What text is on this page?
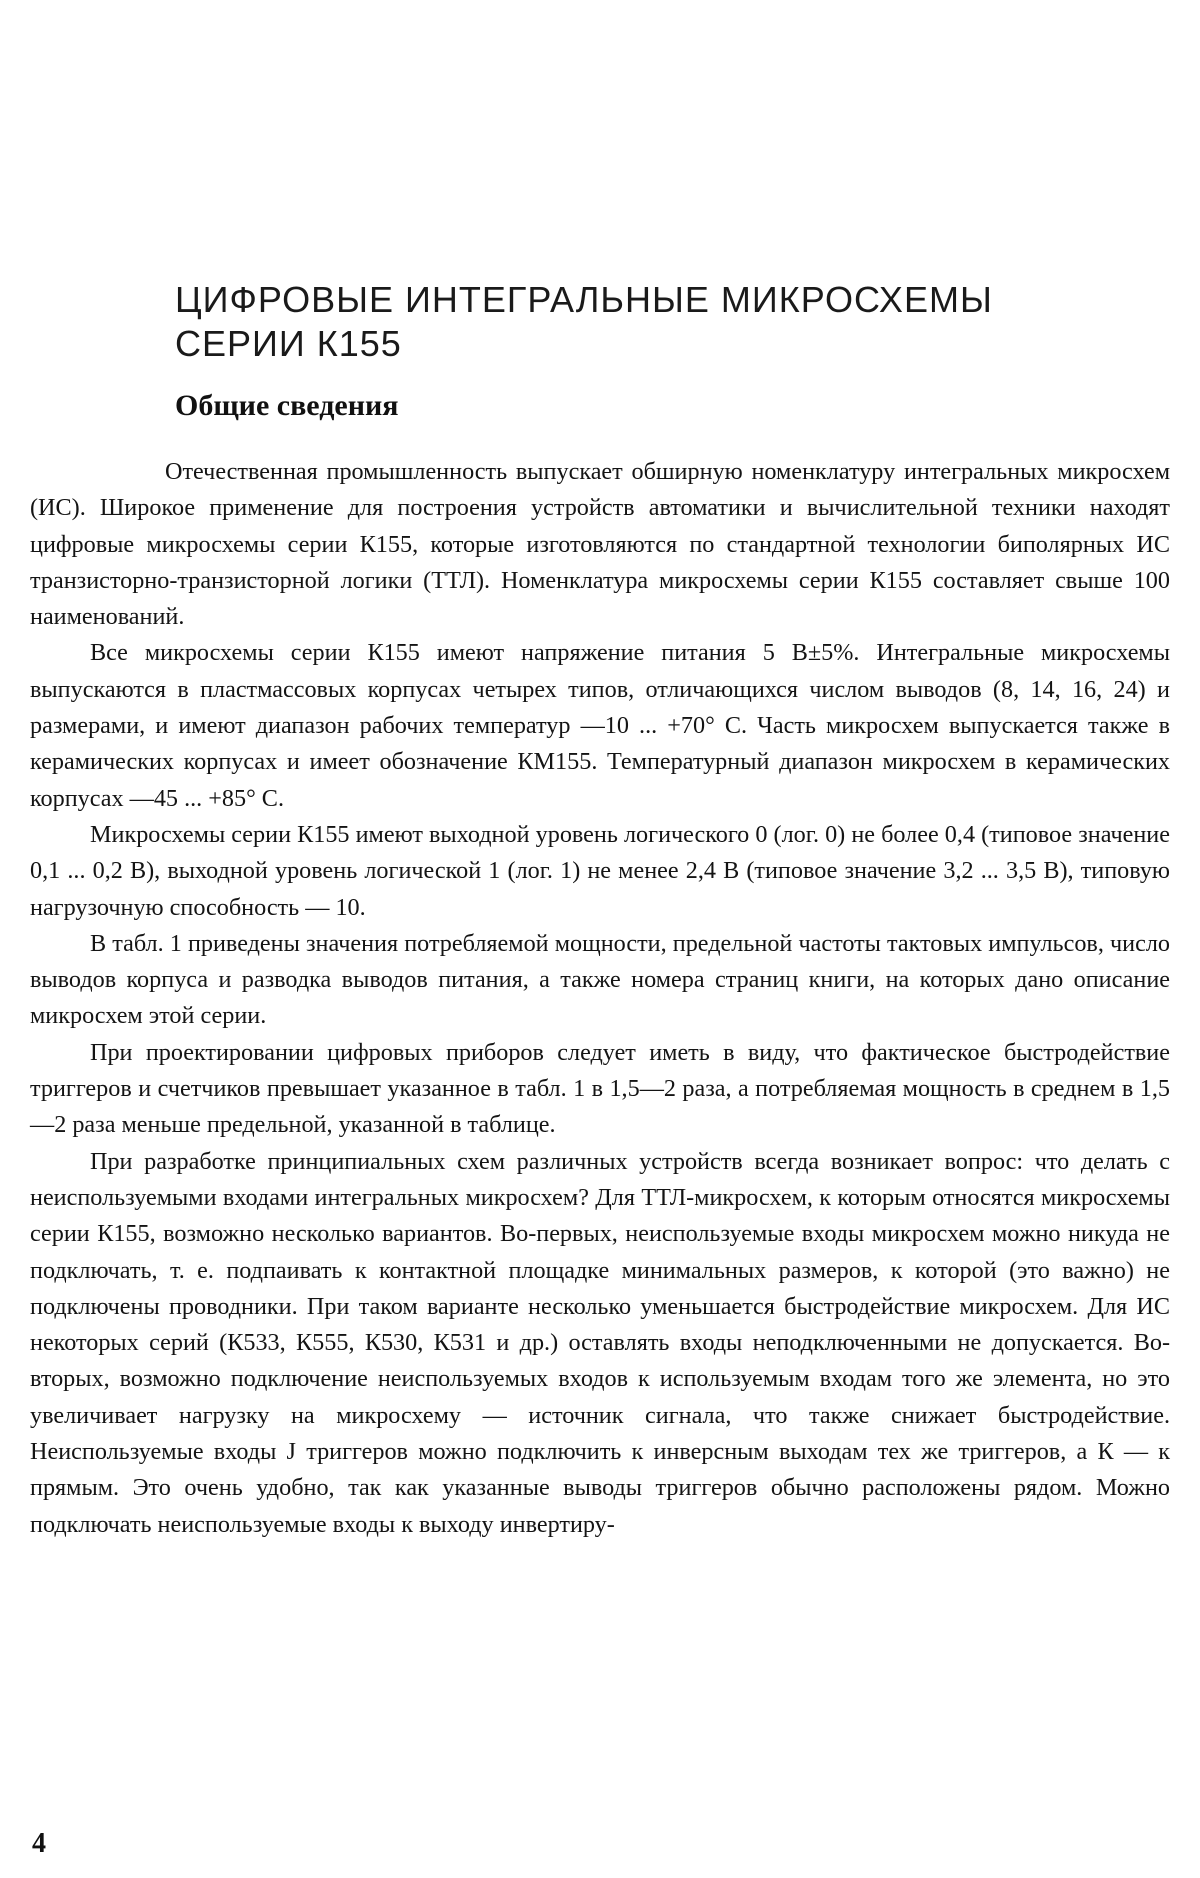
ЦИФРОВЫЕ ИНТЕГРАЛЬНЫЕ МИКРОСХЕМЫ
СЕРИИ К155
Общие сведения

Отечественная промышленность выпускает обширную номенклатуру интегральных микросхем (ИС). Широкое применение для построения устройств автоматики и вычислительной техники находят цифровые микросхемы серии К155, которые изготовляются по стандартной технологии биполярных ИС транзисторно-транзисторной логики (ТТЛ). Номенклатура микросхемы серии К155 составляет свыше 100 наименований.

Все микросхемы серии К155 имеют напряжение питания 5 В±5%. Интегральные микросхемы выпускаются в пластмассовых корпусах четырех типов, отличающихся числом выводов (8, 14, 16, 24) и размерами, и имеют диапазон рабочих температур —10 ... +70° С. Часть микросхем выпускается также в керамических корпусах и имеет обозначение КМ155. Температурный диапазон микросхем в керамических корпусах —45 ... +85° С.

Микросхемы серии К155 имеют выходной уровень логического 0 (лог. 0) не более 0,4 (типовое значение 0,1 ... 0,2 В), выходной уровень логической 1 (лог. 1) не менее 2,4 В (типовое значение 3,2 ... 3,5 В), типовую нагрузочную способность — 10.

В табл. 1 приведены значения потребляемой мощности, предельной частоты тактовых импульсов, число выводов корпуса и разводка выводов питания, а также номера страниц книги, на которых дано описание микросхем этой серии.

При проектировании цифровых приборов следует иметь в виду, что фактическое быстродействие триггеров и счетчиков превышает указанное в табл. 1 в 1,5—2 раза, а потребляемая мощность в среднем в 1,5—2 раза меньше предельной, указанной в таблице.

При разработке принципиальных схем различных устройств всегда возникает вопрос: что делать с неиспользуемыми входами интегральных микросхем? Для ТТЛ-микросхем, к которым относятся микросхемы серии К155, возможно несколько вариантов. Во-первых, неиспользуемые входы микросхем можно никуда не подключать, т. е. подпаивать к контактной площадке минимальных размеров, к которой (это важно) не подключены проводники. При таком варианте несколько уменьшается быстродействие микросхем. Для ИС некоторых серий (К533, К555, К530, К531 и др.) оставлять входы неподключенными не допускается. Во-вторых, возможно подключение неиспользуемых входов к используемым входам того же элемента, но это увеличивает нагрузку на микросхему — источник сигнала, что также снижает быстродействие. Неиспользуемые входы J триггеров можно подключить к инверсным выходам тех же триггеров, а К — к прямым. Это очень удобно, так как указанные выводы триггеров обычно расположены рядом. Можно подключать неиспользуемые входы к выходу инвертиру-

4
